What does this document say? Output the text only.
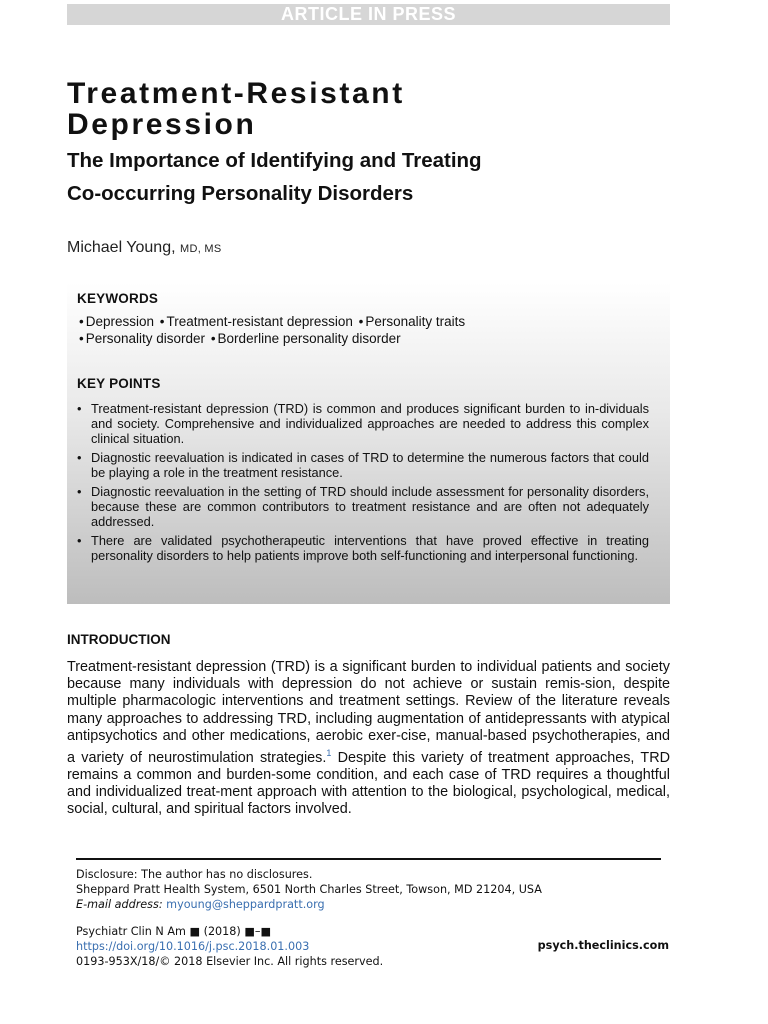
ARTICLE IN PRESS
Treatment-Resistant
Depression
The Importance of Identifying and Treating
Co-occurring Personality Disorders
Michael Young, MD, MS
KEYWORDS
• Depression • Treatment-resistant depression • Personality traits
• Personality disorder • Borderline personality disorder
KEY POINTS
• Treatment-resistant depression (TRD) is common and produces significant burden to in-dividuals and society. Comprehensive and individualized approaches are needed to address this complex clinical situation.
• Diagnostic reevaluation is indicated in cases of TRD to determine the numerous factors that could be playing a role in the treatment resistance.
• Diagnostic reevaluation in the setting of TRD should include assessment for personality disorders, because these are common contributors to treatment resistance and are often not adequately addressed.
• There are validated psychotherapeutic interventions that have proved effective in treating personality disorders to help patients improve both self-functioning and interpersonal functioning.
INTRODUCTION

Treatment-resistant depression (TRD) is a significant burden to individual patients and society because many individuals with depression do not achieve or sustain remis-sion, despite multiple pharmacologic interventions and treatment settings. Review of the literature reveals many approaches to addressing TRD, including augmentation of antidepressants with atypical antipsychotics and other medications, aerobic exer-cise, manual-based psychotherapies, and a variety of neurostimulation strategies.$^1$ Despite this variety of treatment approaches, TRD remains a common and burden-some condition, and each case of TRD requires a thoughtful and individualized treat-ment approach with attention to the biological, psychological, medical, social, cultural, and spiritual factors involved.

Disclosure: The author has no disclosures.
Sheppard Pratt Health System, 6501 North Charles Street, Towson, MD 21204, USA
E-mail address: myoung@sheppardpratt.org
Psychiatr Clin N Am ■ (2018) ■–■
https://doi.org/10.1016/j.psc.2018.01.003
0193-953X/18/© 2018 Elsevier Inc. All rights reserved.
psych.theclinics.com
